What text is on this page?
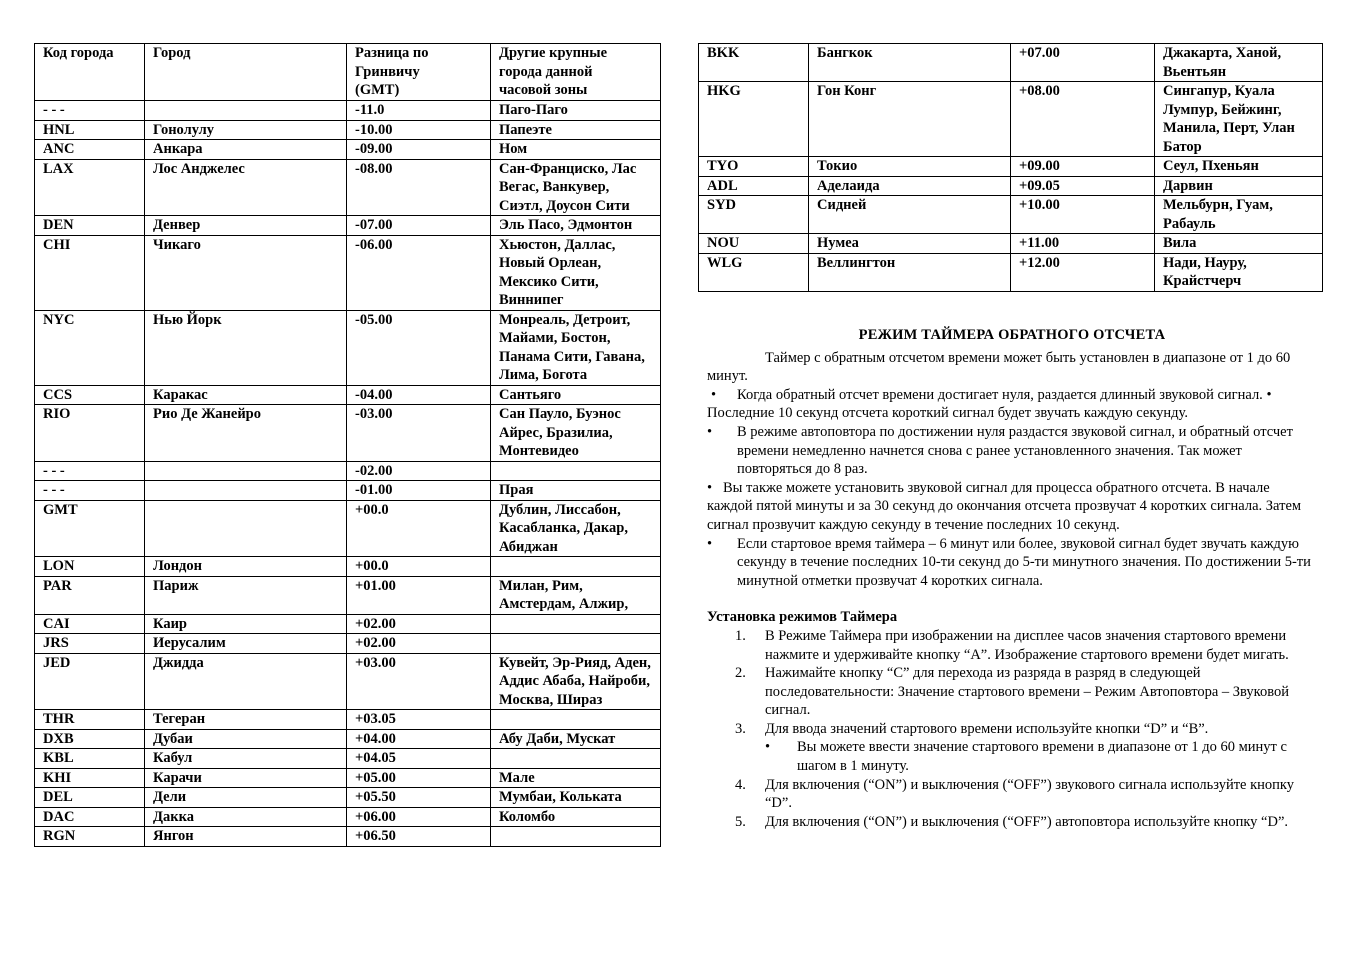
Код города	Город	Разница по Гринвичу (GMT)	Другие крупные города данной часовой зоны
- - -		-11.0	Паго-Паго
HNL	Гонолулу	-10.00	Папеэте
ANC	Анкара	-09.00	Ном
LAX	Лос Анджелес	-08.00	Сан-Франциско, Лас Вегас, Ванкувер, Сиэтл, Доусон Сити
DEN	Денвер	-07.00	Эль Пасо, Эдмонтон
CHI	Чикаго	-06.00	Хьюстон, Даллас, Новый Орлеан, Мексико Сити, Виннипег
NYC	Нью Йорк	-05.00	Монреаль, Детроит, Майами, Бостон, Панама Сити, Гавана, Лима, Богота
CCS	Каракас	-04.00	Сантьяго
RIO	Рио Де Жанейро	-03.00	Сан Пауло, Буэнос Айрес, Бразилиа, Монтевидео
- - -		-02.00	
- - -		-01.00	Прая
GMT		+00.0	Дублин, Лиссабон, Касабланка, Дакар, Абиджан
LON	Лондон	+00.0	
PAR	Париж	+01.00	Милан, Рим, Амстердам, Алжир,
CAI	Каир	+02.00	
JRS	Иерусалим	+02.00	
JED	Джидда	+03.00	Кувейт, Эр-Рияд, Аден, Аддис Абаба, Найроби, Москва, Шираз
THR	Тегеран	+03.05	
DXB	Дубаи	+04.00	Абу Даби, Мускат
KBL	Кабул	+04.05	
KHI	Карачи	+05.00	Мале
DEL	Дели	+05.50	Мумбаи, Кольката
DAC	Дакка	+06.00	Коломбо
RGN	Янгон	+06.50	
BKK	Бангкок	+07.00	Джакарта, Ханой, Вьентьян
HKG	Гон Конг	+08.00	Сингапур, Куала Лумпур, Бейжинг, Манила, Перт, Улан Батор
TYO	Токио	+09.00	Сеул, Пхеньян
ADL	Аделаида	+09.05	Дарвин
SYD	Сидней	+10.00	Мельбурн, Гуам, Рабауль
NOU	Нумеа	+11.00	Вила
WLG	Веллингтон	+12.00	Нади, Науру, Крайстчерч

РЕЖИМ ТАЙМЕРА ОБРАТНОГО ОТСЧЕТА

Таймер с обратным отсчетом времени может быть установлен в диапазоне от 1 до 60 минут.

• Когда обратный отсчет времени достигает нуля, раздается длинный звуковой сигнал. •Последние 10 секунд отсчета короткий сигнал будет звучать каждую секунду.

•	В режиме автоповтора по достижении нуля раздастся звуковой сигнал, и обратный отсчет времени немедленно начнется снова с ранее установленного значения. Так может повторяться до 8 раз.

• Вы также можете установить звуковой сигнал для процесса обратного отсчета. В начале каждой пятой минуты и за 30 секунд до окончания отсчета прозвучат 4 коротких сигнала. Затем сигнал прозвучит каждую секунду в течение последних 10 секунд.

•	Если стартовое время таймера – 6 минут или более, звуковой сигнал будет звучать каждую секунду в течение последних 10-ти секунд до 5-ти минутного значения. По достижении 5-ти минутной отметки прозвучат 4 коротких сигнала.

Установка режимов Таймера

1. В Режиме Таймера при изображении на дисплее часов значения стартового времени нажмите и удерживайте кнопку “A”. Изображение стартового времени будет мигать.
2. Нажимайте кнопку “C” для перехода из разряда в разряд в следующей последовательности: Значение стартового времени – Режим Автоповтора – Звуковой сигнал.
3. Для ввода значений стартового времени используйте кнопки “D” и “B”.
• Вы можете ввести значение стартового времени в диапазоне от 1 до 60 минут с шагом в 1 минуту.
4. Для включения (“ON”) и выключения (“OFF”) звукового сигнала используйте кнопку “D”.
5. Для включения (“ON”) и выключения (“OFF”) автоповтора используйте кнопку “D”.
